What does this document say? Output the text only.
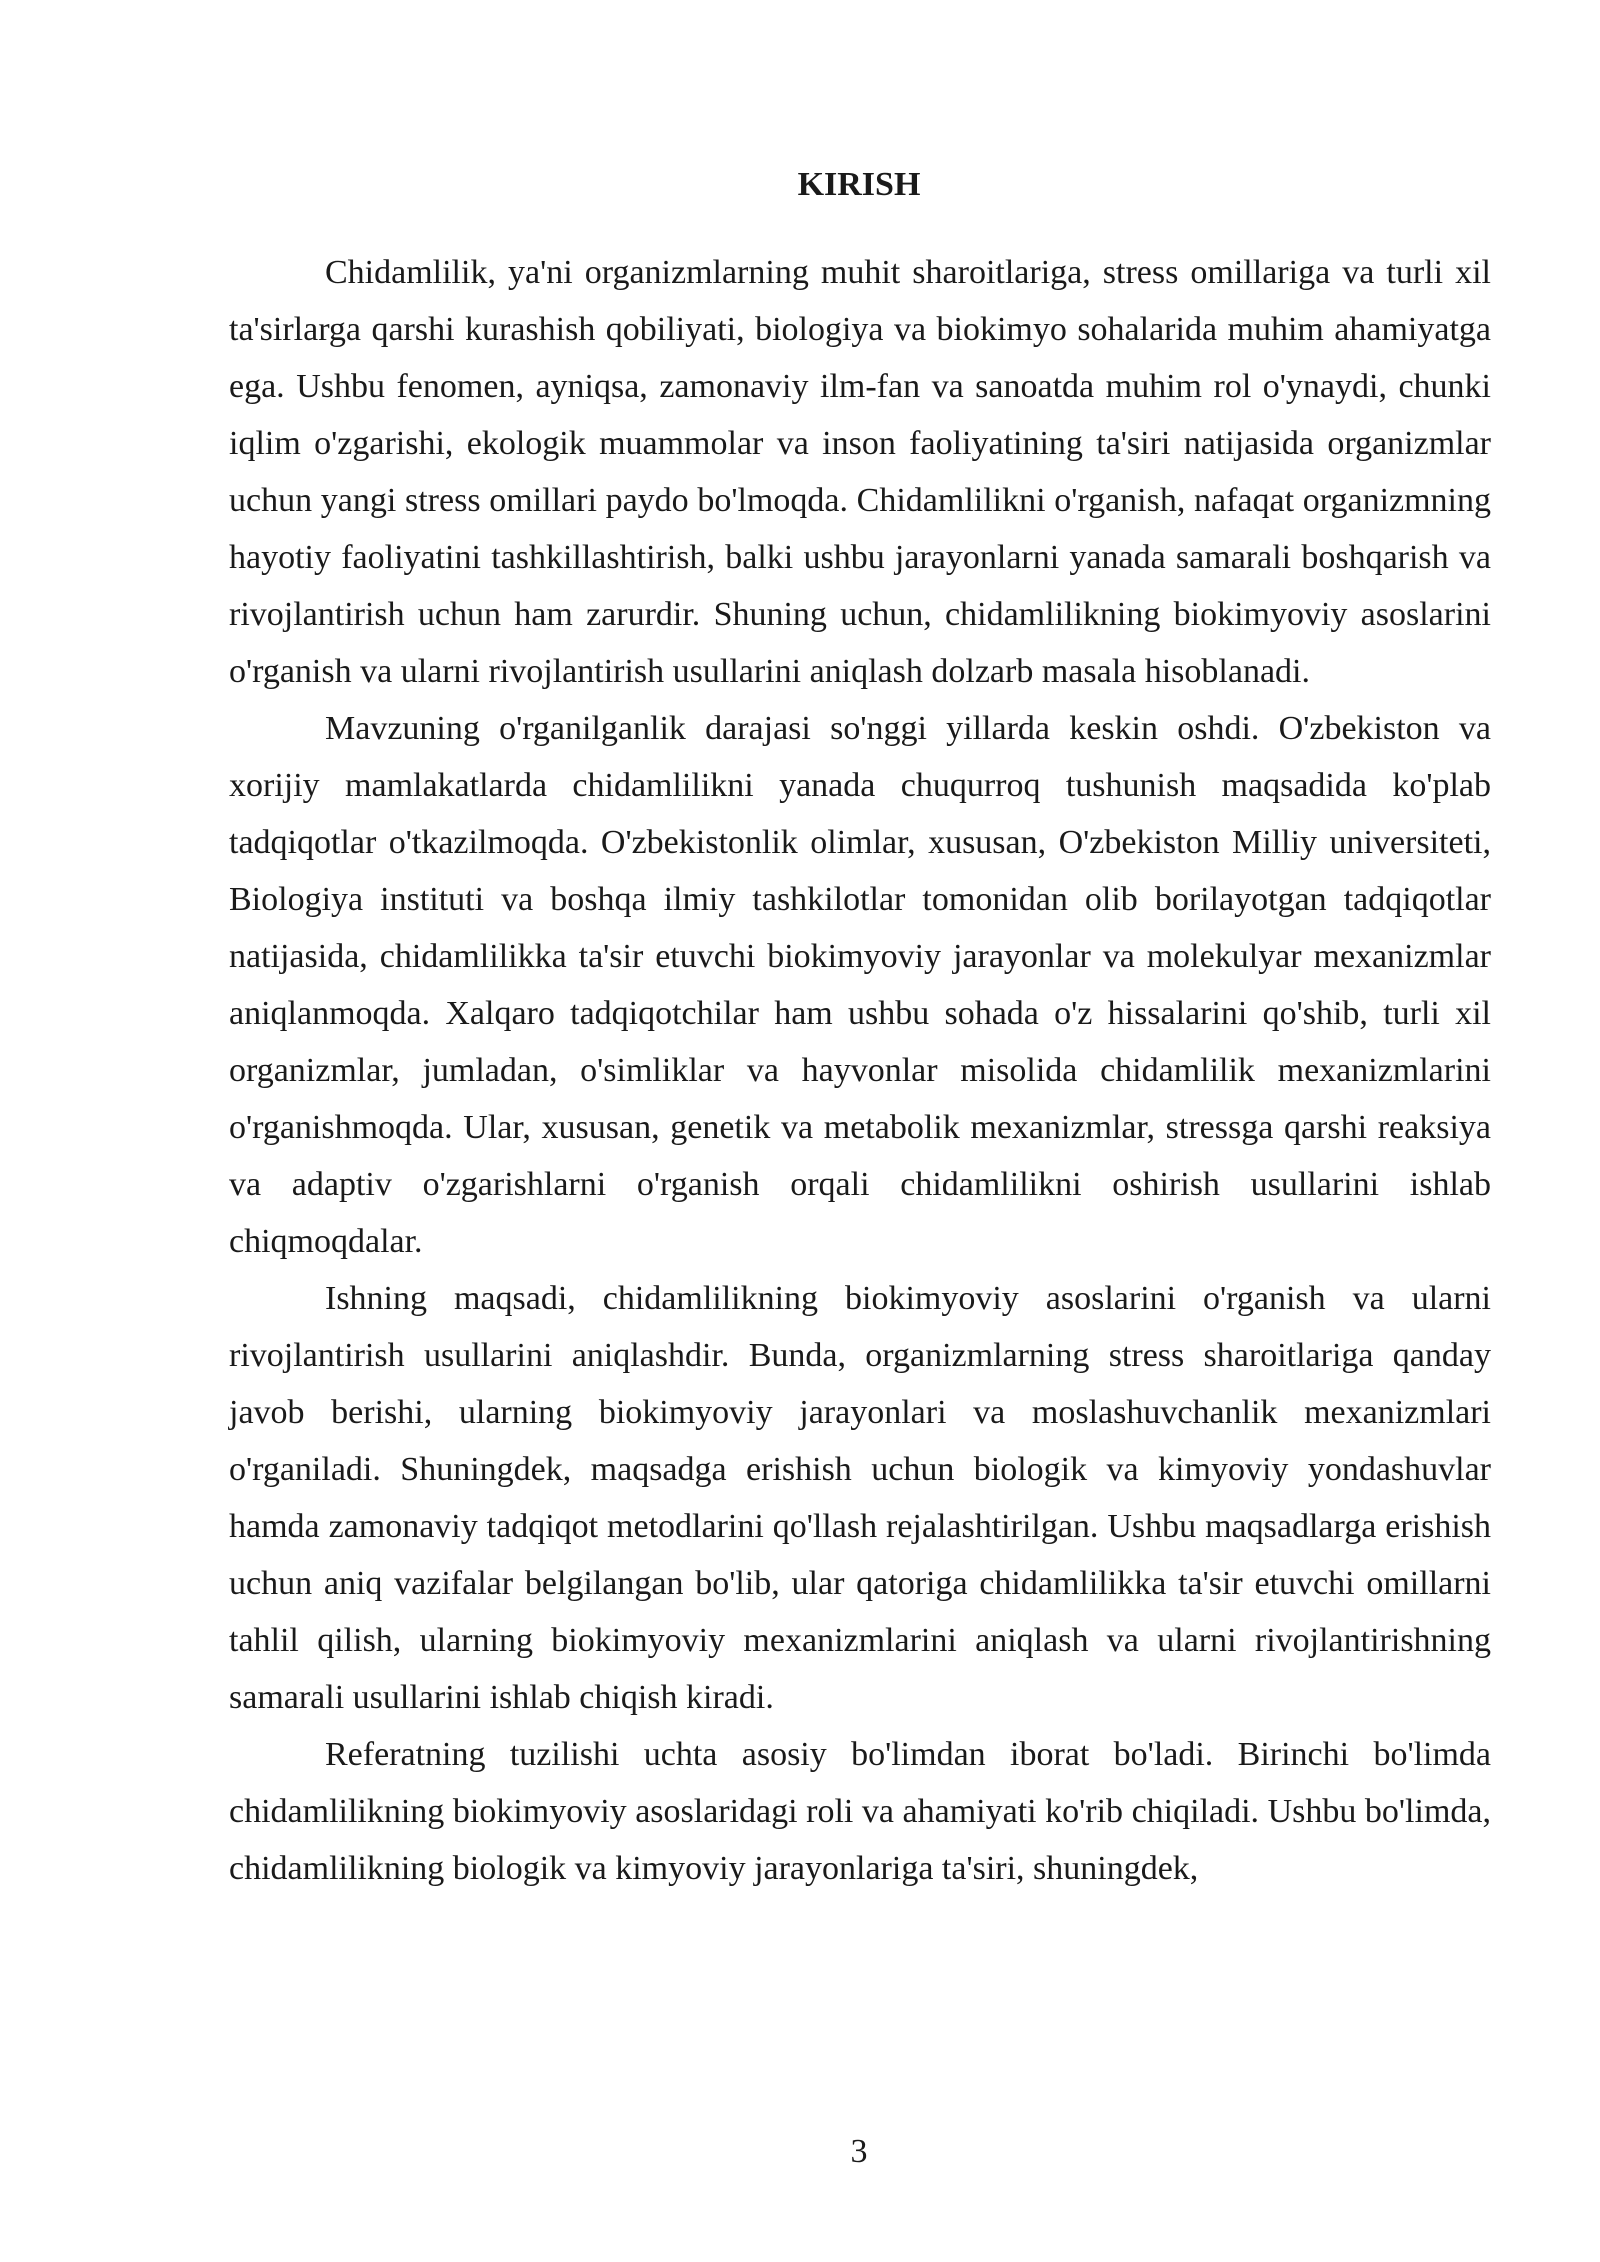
KIRISH

Chidamlilik, ya'ni organizmlarning muhit sharoitlariga, stress omillariga va turli xil ta'sirlarga qarshi kurashish qobiliyati, biologiya va biokimyo sohalarida muhim ahamiyatga ega. Ushbu fenomen, ayniqsa, zamonaviy ilm-fan va sanoatda muhim rol o'ynaydi, chunki iqlim o'zgarishi, ekologik muammolar va inson faoliyatining ta'siri natijasida organizmlar uchun yangi stress omillari paydo bo'lmoqda. Chidamlilikni o'rganish, nafaqat organizmning hayotiy faoliyatini tashkillashtirish, balki ushbu jarayonlarni yanada samarali boshqarish va rivojlantirish uchun ham zarurdir. Shuning uchun, chidamlilikning biokimyoviy asoslarini o'rganish va ularni rivojlantirish usullarini aniqlash dolzarb masala hisoblanadi.

Mavzuning o'rganilganlik darajasi so'nggi yillarda keskin oshdi. O'zbekiston va xorijiy mamlakatlarda chidamlilikni yanada chuqurroq tushunish maqsadida ko'plab tadqiqotlar o'tkazilmoqda. O'zbekistonlik olimlar, xususan, O'zbekiston Milliy universiteti, Biologiya instituti va boshqa ilmiy tashkilotlar tomonidan olib borilayotgan tadqiqotlar natijasida, chidamlilikka ta'sir etuvchi biokimyoviy jarayonlar va molekulyar mexanizmlar aniqlanmoqda. Xalqaro tadqiqotchilar ham ushbu sohada o'z hissalarini qo'shib, turli xil organizmlar, jumladan, o'simliklar va hayvonlar misolida chidamlilik mexanizmlarini o'rganishmoqda. Ular, xususan, genetik va metabolik mexanizmlar, stressga qarshi reaksiya va adaptiv o'zgarishlarni o'rganish orqali chidamlilikni oshirish usullarini ishlab chiqmoqdalar.

Ishning maqsadi, chidamlilikning biokimyoviy asoslarini o'rganish va ularni rivojlantirish usullarini aniqlashdir. Bunda, organizmlarning stress sharoitlariga qanday javob berishi, ularning biokimyoviy jarayonlari va moslashuvchanlik mexanizmlari o'rganiladi. Shuningdek, maqsadga erishish uchun biologik va kimyoviy yondashuvlar hamda zamonaviy tadqiqot metodlarini qo'llash rejalashtirilgan. Ushbu maqsadlarga erishish uchun aniq vazifalar belgilangan bo'lib, ular qatoriga chidamlilikka ta'sir etuvchi omillarni tahlil qilish, ularning biokimyoviy mexanizmlarini aniqlash va ularni rivojlantirishning samarali usullarini ishlab chiqish kiradi.

Referatning tuzilishi uchta asosiy bo'limdan iborat bo'ladi. Birinchi bo'limda chidamlilikning biokimyoviy asoslaridagi roli va ahamiyati ko'rib chiqiladi. Ushbu bo'limda, chidamlilikning biologik va kimyoviy jarayonlariga ta'siri, shuningdek,

3
